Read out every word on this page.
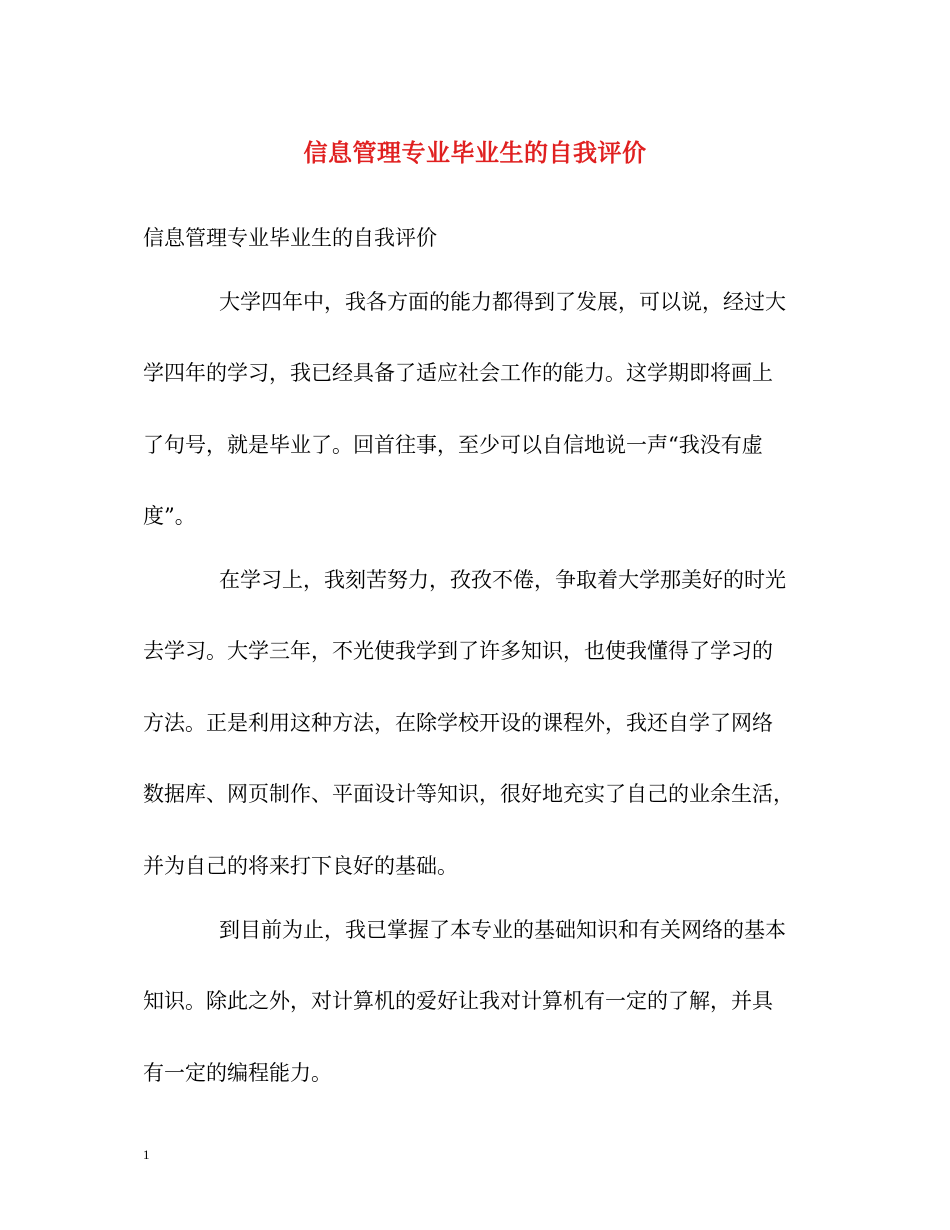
信息管理专业毕业生的自我评价
信息管理专业毕业生的自我评价
大学四年中，我各方面的能力都得到了发展，可以说，经过大
学四年的学习，我已经具备了适应社会工作的能力。这学期即将画上
了句号，就是毕业了。回首往事，至少可以自信地说一声“我没有虚
度”。
在学习上，我刻苦努力，孜孜不倦，争取着大学那美好的时光
去学习。大学三年，不光使我学到了许多知识，也使我懂得了学习的
方法。正是利用这种方法，在除学校开设的课程外，我还自学了网络
数据库、网页制作、平面设计等知识，很好地充实了自己的业余生活，
并为自己的将来打下良好的基础。
到目前为止，我已掌握了本专业的基础知识和有关网络的基本
知识。除此之外，对计算机的爱好让我对计算机有一定的了解，并具
有一定的编程能力。
1
